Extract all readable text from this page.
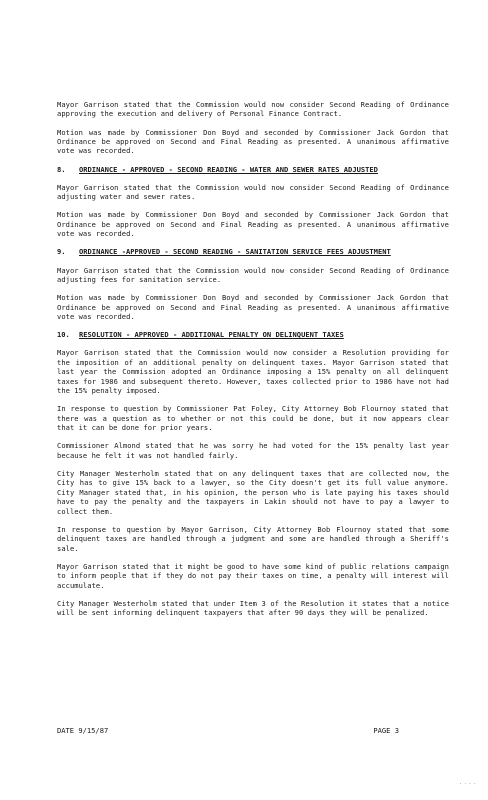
Mayor Garrison stated that the Commission would now consider Second Reading of Ordinance approving the execution and delivery of Personal Finance Contract.

Motion was made by Commissioner Don Boyd and seconded by Commissioner Jack Gordon that Ordinance be approved on Second and Final Reading as presented. A unanimous affirmative vote was recorded.

8.	ORDINANCE - APPROVED - SECOND READING - WATER AND SEWER RATES ADJUSTED

Mayor Garrison stated that the Commission would now consider Second Reading of Ordinance adjusting water and sewer rates.

Motion was made by Commissioner Don Boyd and seconded by Commissioner Jack Gordon that Ordinance be approved on Second and Final Reading as presented. A unanimous affirmative vote was recorded.

9.	ORDINANCE -APPROVED - SECOND READING - SANITATION SERVICE FEES ADJUSTMENT

Mayor Garrison stated that the Commission would now consider Second Reading of Ordinance adjusting fees for sanitation service.

Motion was made by Commissioner Don Boyd and seconded by Commissioner Jack Gordon that Ordinance be approved on Second and Final Reading as presented. A unanimous affirmative vote was recorded.

10.	RESOLUTION - APPROVED - ADDITIONAL PENALTY ON DELINQUENT TAXES

Mayor Garrison stated that the Commission would now consider a Resolution providing for the imposition of an additional penalty on delinquent taxes. Mayor Garrison stated that last year the Commission adopted an Ordinance imposing a 15% penalty on all delinquent taxes for 1986 and subsequent thereto. However, taxes collected prior to 1986 have not had the 15% penalty imposed.

In response to question by Commissioner Pat Foley, City Attorney Bob Flournoy stated that there was a question as to whether or not this could be done, but it now appears clear that it can be done for prior years.

Commissioner Almond stated that he was sorry he had voted for the 15% penalty last year because he felt it was not handled fairly.

City Manager Westerholm stated that on any delinquent taxes that are collected now, the City has to give 15% back to a lawyer, so the City doesn't get its full value anymore. City Manager stated that, in his opinion, the person who is late paying his taxes should have to pay the penalty and the taxpayers in Lakin should not have to pay a lawyer to collect them.

In response to question by Mayor Garrison, City Attorney Bob Flournoy stated that some delinquent taxes are handled through a judgment and some are handled through a Sheriff's sale.

Mayor Garrison stated that it might be good to have some kind of public relations campaign to inform people that if they do not pay their taxes on time, a penalty will interest will accumulate.

City Manager Westerholm stated that under Item 3 of the Resolution it states that a notice will be sent informing delinquent taxpayers that after 90 days they will be penalized.

DATE 9/15/87	PAGE 3
· · · ·
